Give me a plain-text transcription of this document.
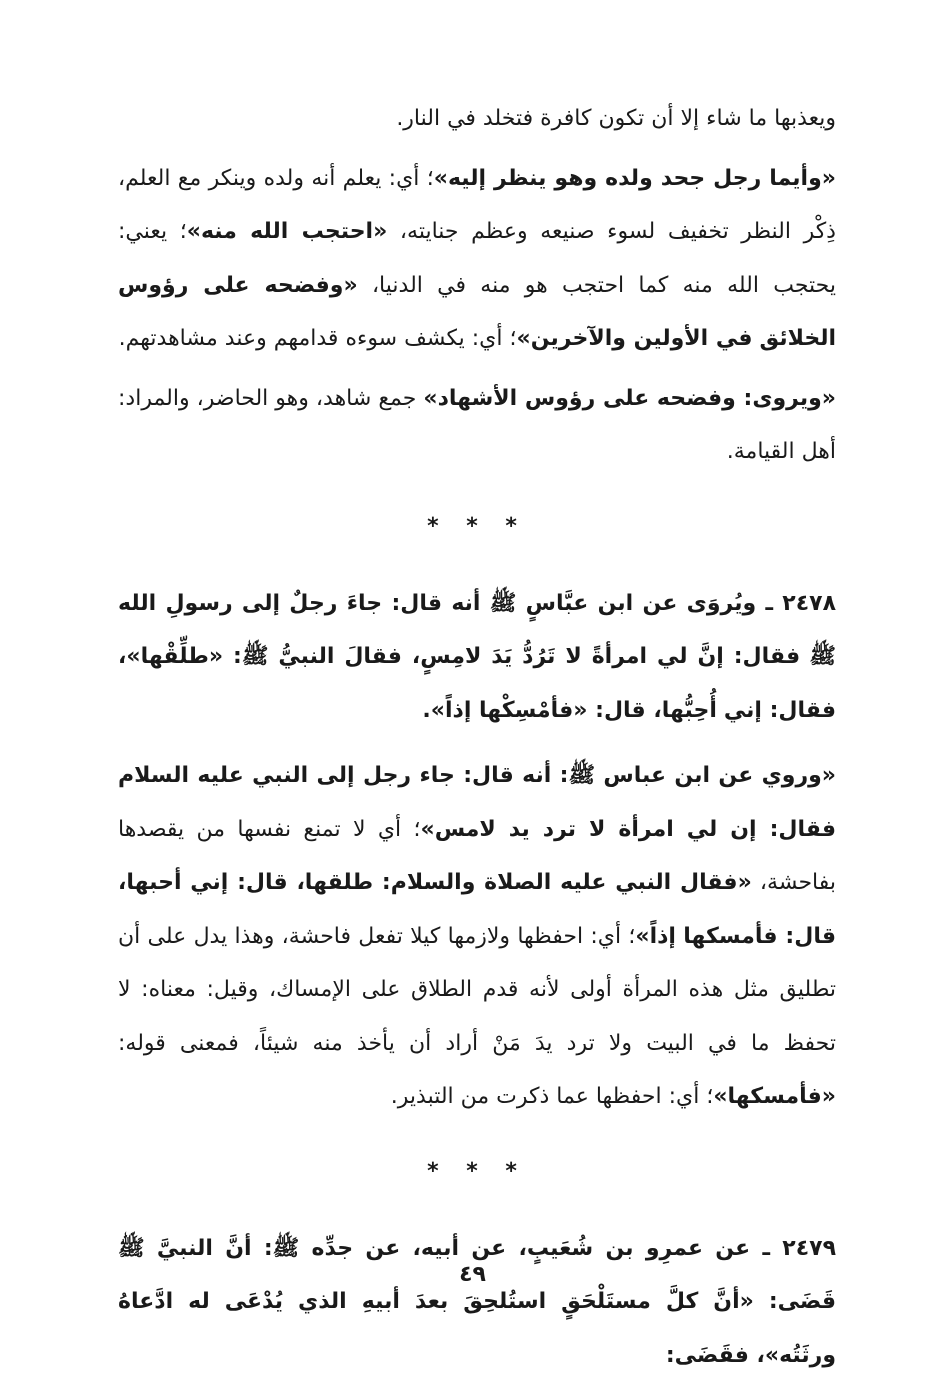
ويعذبها ما شاء إلا أن تكون كافرة فتخلد في النار.

«وأيما رجل جحد ولده وهو ينظر إليه»؛ أي: يعلم أنه ولده وينكر مع العلم، ذِكْر النظر تخفيف لسوء صنيعه وعظم جنايته، «احتجب الله منه»؛ يعني: يحتجب الله منه كما احتجب هو منه في الدنيا، «وفضحه على رؤوس الخلائق في الأولين والآخرين»؛ أي: يكشف سوءه قدامهم وعند مشاهدتهم.

«ويروى: وفضحه على رؤوس الأشهاد» جمع شاهد، وهو الحاضر، والمراد: أهل القيامة.

* * *

٢٤٧٨ ـ ويُروَى عن ابن عبَّاسٍ ﷺ أنه قال: جاءَ رجلٌ إلى رسولِ الله ﷺ فقال: إنَّ لي امرأةً لا تَرُدُّ يَدَ لامِسٍ، فقالَ النبيُّ ﷺ: «طلِّقْها»، فقال: إني أُحِبُّها، قال: «فأمْسِكْها إذاً».

«وروي عن ابن عباس ﷺ: أنه قال: جاء رجل إلى النبي عليه السلام فقال: إن لي امرأة لا ترد يد لامس»؛ أي لا تمنع نفسها من يقصدها بفاحشة، «فقال النبي عليه الصلاة والسلام: طلقها، قال: إني أحبها، قال: فأمسكها إذاً»؛ أي: احفظها ولازمها كيلا تفعل فاحشة، وهذا يدل على أن تطليق مثل هذه المرأة أولى لأنه قدم الطلاق على الإمساك، وقيل: معناه: لا تحفظ ما في البيت ولا ترد يدَ مَنْ أراد أن يأخذ منه شيئاً، فمعنى قوله: «فأمسكها»؛ أي: احفظها عما ذكرت من التبذير.

* * *

٢٤٧٩ ـ عن عمرِو بن شُعَيبٍ، عن أبيه، عن جدِّه ﷺ: أنَّ النبيَّ ﷺ قَضَى: «أنَّ كلَّ مستَلْحَقٍ استُلحِقَ بعدَ أبيهِ الذي يُدْعَى له ادَّعاهُ ورثَتُه»، فقَضَى:

٤٩
